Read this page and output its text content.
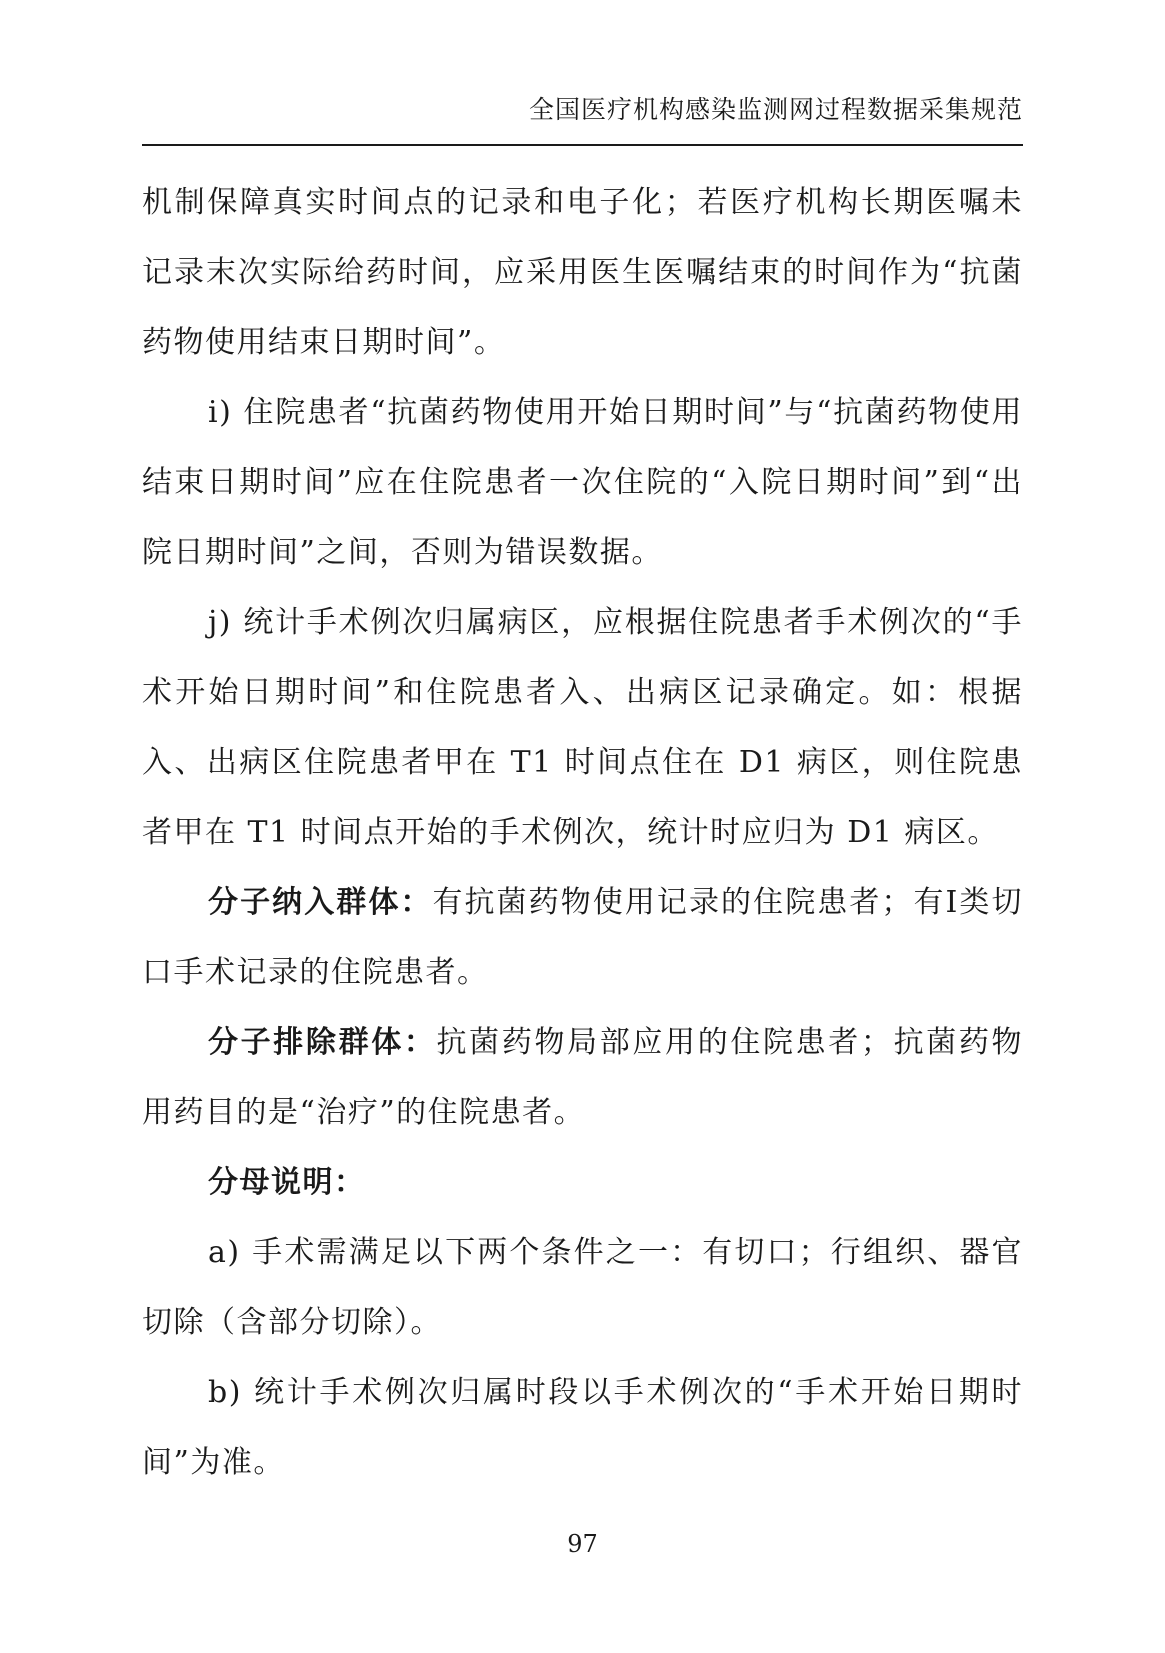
全国医疗机构感染监测网过程数据采集规范

机制保障真实时间点的记录和电子化；若医疗机构长期医嘱未记录末次实际给药时间，应采用医生医嘱结束的时间作为“抗菌药物使用结束日期时间”。

i) 住院患者“抗菌药物使用开始日期时间”与“抗菌药物使用结束日期时间”应在住院患者一次住院的“入院日期时间”到“出院日期时间”之间，否则为错误数据。

j) 统计手术例次归属病区，应根据住院患者手术例次的“手术开始日期时间”和住院患者入、出病区记录确定。如：根据入、出病区住院患者甲在 T1 时间点住在 D1 病区，则住院患者甲在 T1 时间点开始的手术例次，统计时应归为 D1 病区。

分子纳入群体：有抗菌药物使用记录的住院患者；有I类切口手术记录的住院患者。

分子排除群体：抗菌药物局部应用的住院患者；抗菌药物用药目的是“治疗”的住院患者。

分母说明：

a) 手术需满足以下两个条件之一：有切口；行组织、器官切除（含部分切除）。

b) 统计手术例次归属时段以手术例次的“手术开始日期时间”为准。

97
